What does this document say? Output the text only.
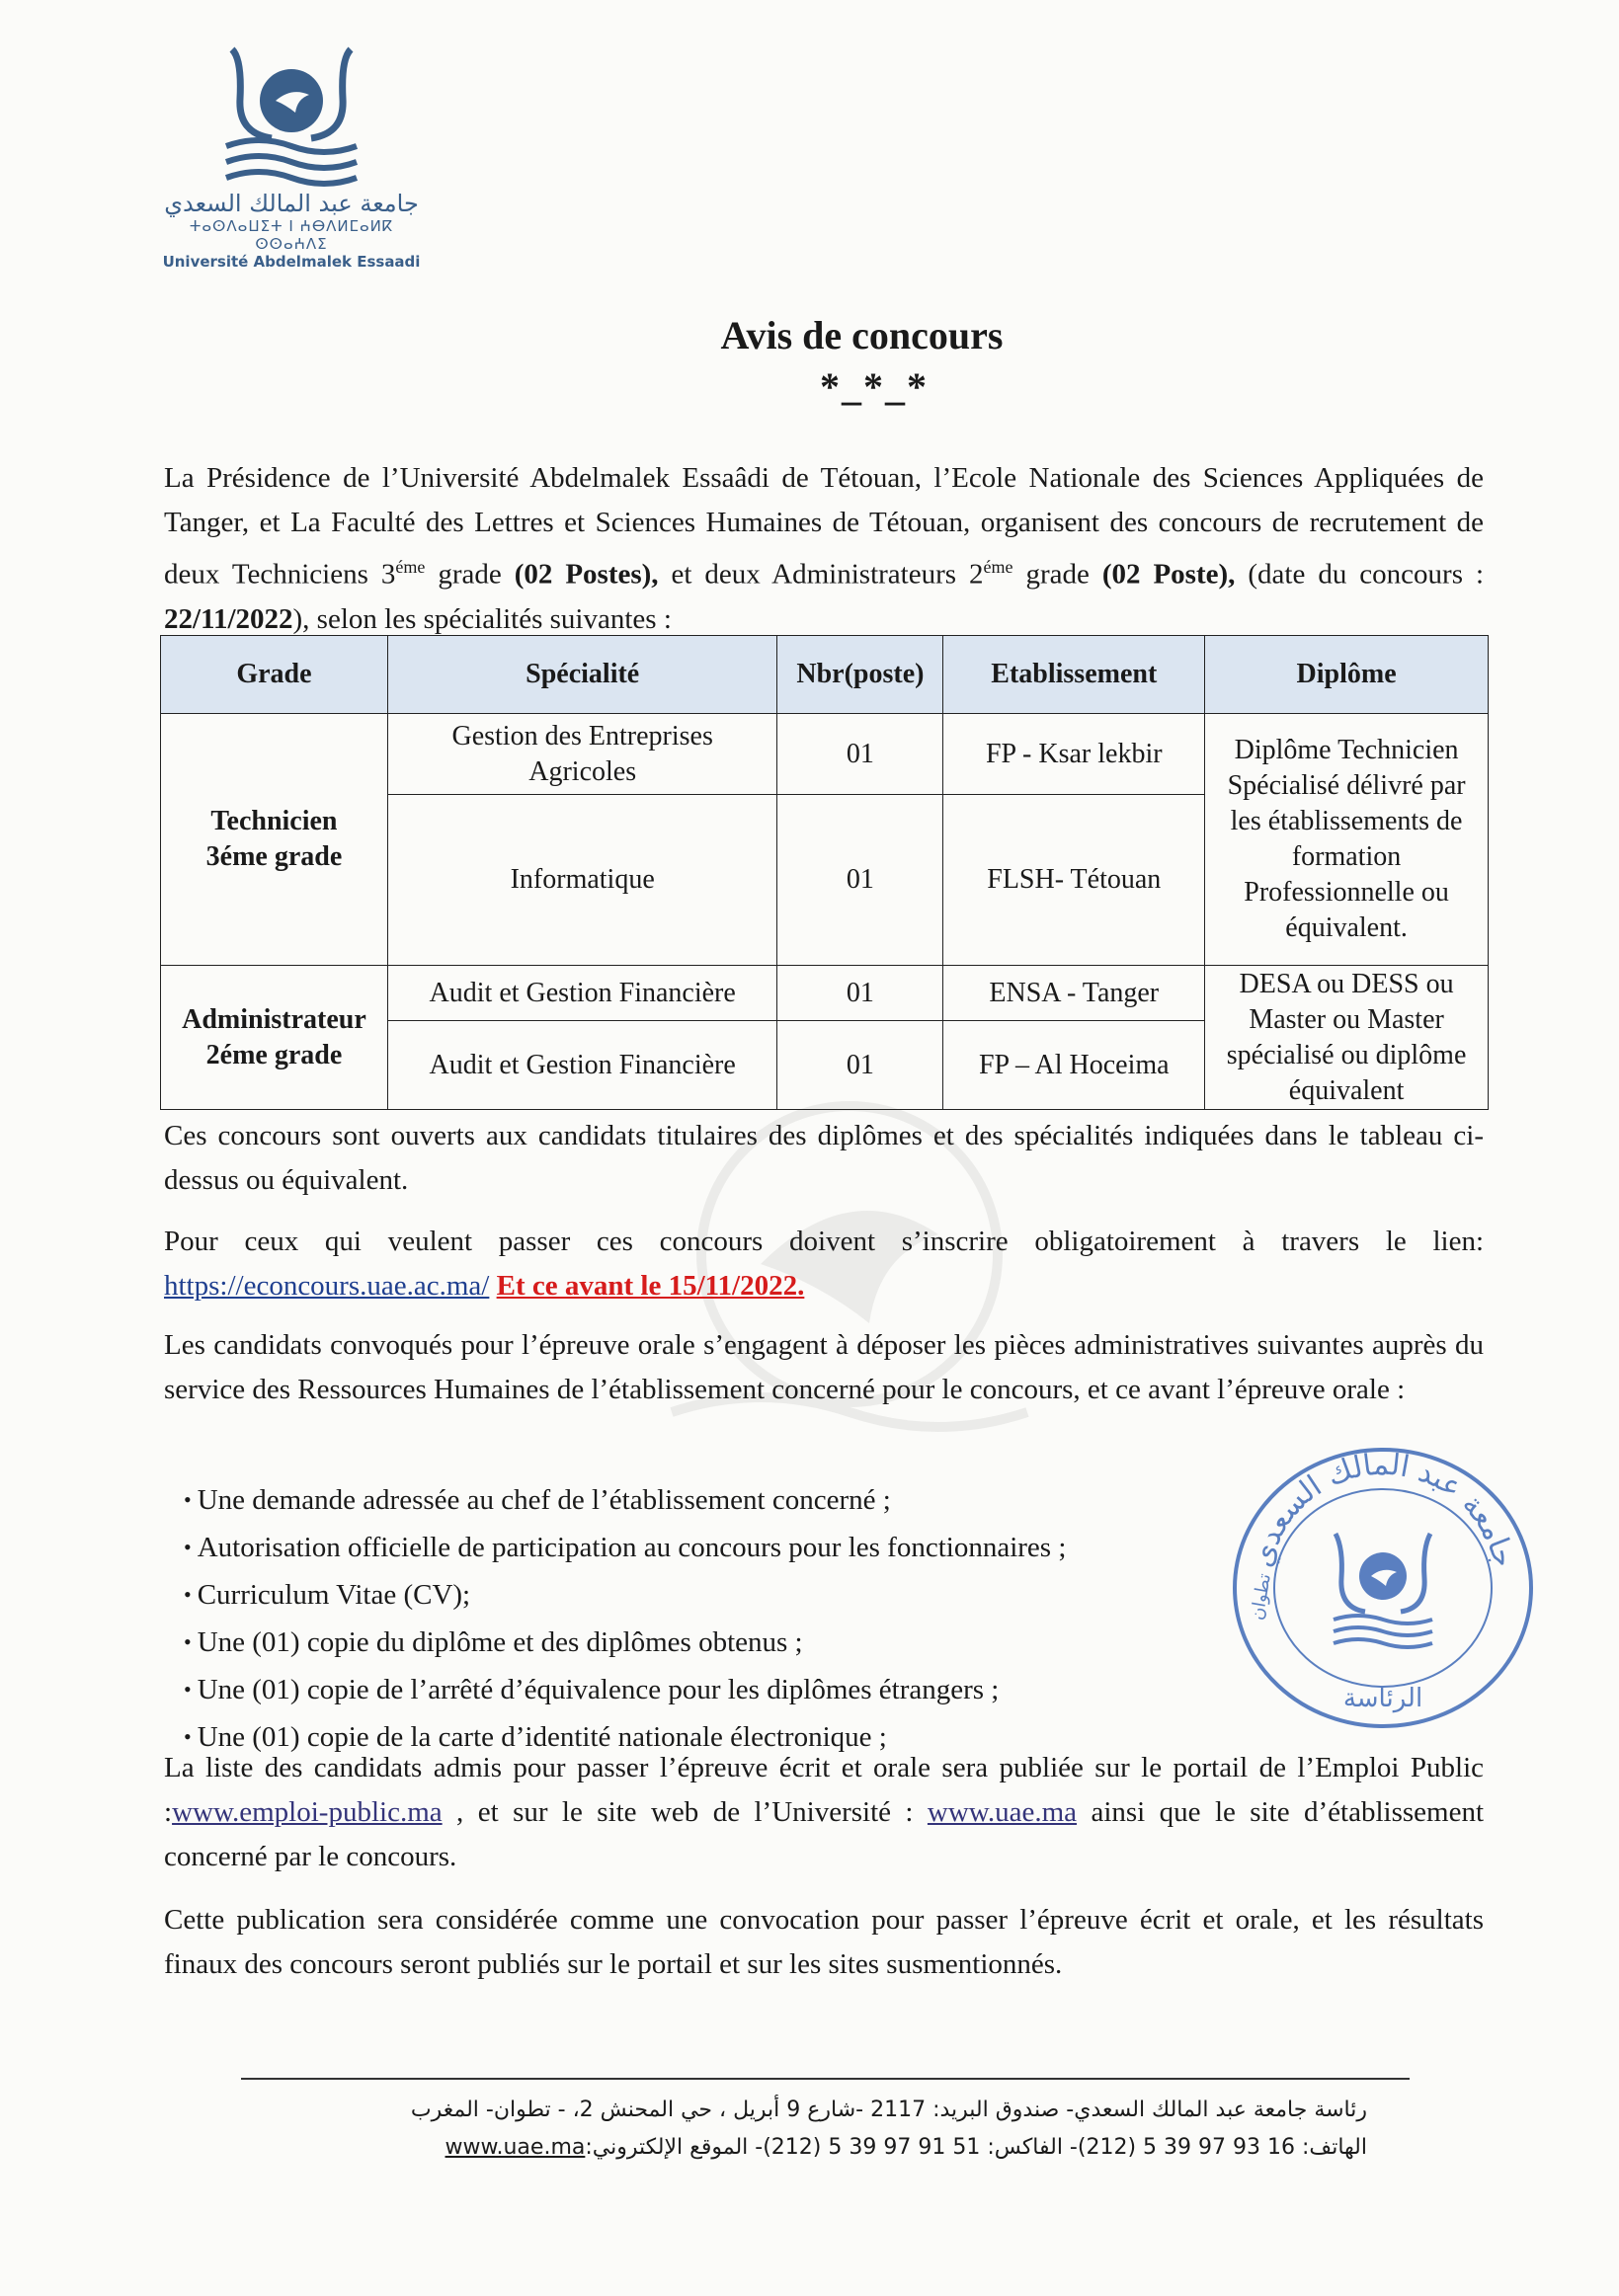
جامعة عبد المالك السعدي
ⵜⴰⵙⴷⴰⵡⵉⵜ ⵏ ⵄⴱⴷⵍⵎⴰⵍⴽ ⵙⵙⴰⵄⴷⵉ
Université Abdelmalek Essaadi
Avis de concours
*_*_*
La Présidence de l’Université Abdelmalek Essaâdi de Tétouan, l’Ecole Nationale des Sciences Appliquées de Tanger, et La Faculté des Lettres et Sciences Humaines de Tétouan, organisent des concours de recrutement de deux Techniciens $3^{éme}$ grade (02 Postes), et deux Administrateurs $2^{éme}$ grade (02 Poste), (date du concours : 22/11/2022), selon les spécialités suivantes :
Grade	Spécialité	Nbr(poste)	Etablissement	Diplôme
Technicien 3éme grade	Gestion des Entreprises Agricoles	01	FP - Ksar lekbir	Diplôme Technicien Spécialisé délivré par les établissements de formation Professionnelle ou équivalent.
	Informatique	01	FLSH- Tétouan	
Administrateur 2éme grade	Audit et Gestion Financière	01	ENSA - Tanger	DESA ou DESS ou Master ou Master spécialisé ou diplôme équivalent
	Audit et Gestion Financière	01	FP – Al Hoceima	
Ces concours sont ouverts aux candidats titulaires des diplômes et des spécialités indiquées dans le tableau ci-dessus ou équivalent.
Pour ceux qui veulent passer ces concours doivent s’inscrire obligatoirement à travers le lien: https://econcours.uae.ac.ma/ Et ce avant le 15/11/2022.
Les candidats convoqués pour l’épreuve orale s’engagent à déposer les pièces administratives suivantes auprès du service des Ressources Humaines de l’établissement concerné pour le concours, et ce avant l’épreuve orale :
• Une demande adressée au chef de l’établissement concerné ;
• Autorisation officielle de participation au concours pour les fonctionnaires ;
• Curriculum Vitae (CV);
• Une (01) copie du diplôme et des diplômes obtenus ;
• Une (01) copie de l’arrêté d’équivalence pour les diplômes étrangers ;
• Une (01) copie de la carte d’identité nationale électronique ;
جامعة عبد المالك السعدي
الرئاسة
تطوان
La liste des candidats admis pour passer l’épreuve écrit et orale sera publiée sur le portail de l’Emploi Public :www.emploi-public.ma , et sur le site web de l’Université : www.uae.ma ainsi que le site d’établissement concerné par le concours.
Cette publication sera considérée comme une convocation pour passer l’épreuve écrit et orale, et les résultats finaux des concours seront publiés sur le portail et sur les sites susmentionnés.
رئاسة جامعة عبد المالك السعدي- صندوق البريد: 2117 -شارع 9 أبريل ، حي المحنش 2، - تطوان- المغرب
الهاتف: 16 93 97 39 5 (212)- الفاكس: 51 91 97 39 5 (212)- الموقع الإلكتروني:www.uae.ma
